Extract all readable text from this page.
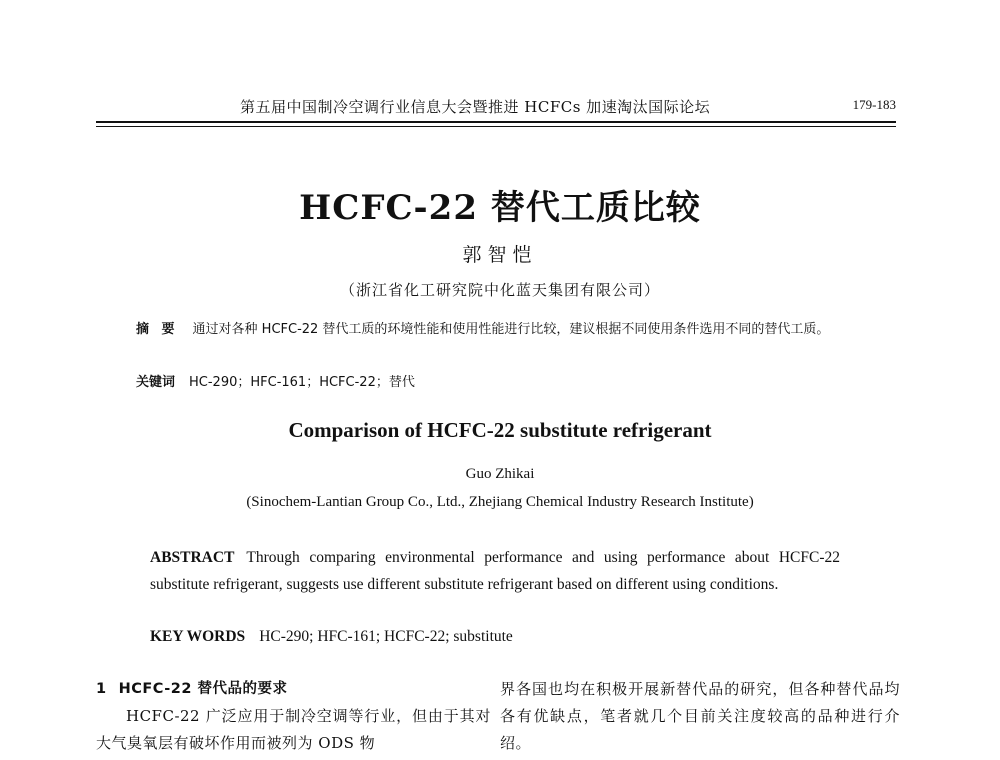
第五届中国制冷空调行业信息大会暨推进 HCFCs 加速淘汰国际论坛	179-183
HCFC-22 替代工质比较
郭智恺
（浙江省化工研究院中化蓝天集团有限公司）
摘 要 通过对各种 HCFC-22 替代工质的环境性能和使用性能进行比较，建议根据不同使用条件选用不同的替代工质。
关键词 HC-290；HFC-161；HCFC-22；替代
Comparison of HCFC-22 substitute refrigerant
Guo Zhikai
(Sinochem-Lantian Group Co., Ltd., Zhejiang Chemical Industry Research Institute)
ABSTRACT Through comparing environmental performance and using performance about HCFC-22 substitute refrigerant, suggests use different substitute refrigerant based on different using conditions.
KEY WORDS HC-290; HFC-161; HCFC-22; substitute
1 HCFC-22 替代品的要求
HCFC-22 广泛应用于制冷空调等行业，但由于其对大气臭氧层有破坏作用而被列为 ODS 物
界各国也均在积极开展新替代品的研究，但各种替代品均各有优缺点，笔者就几个目前关注度较高的品种进行介绍。
